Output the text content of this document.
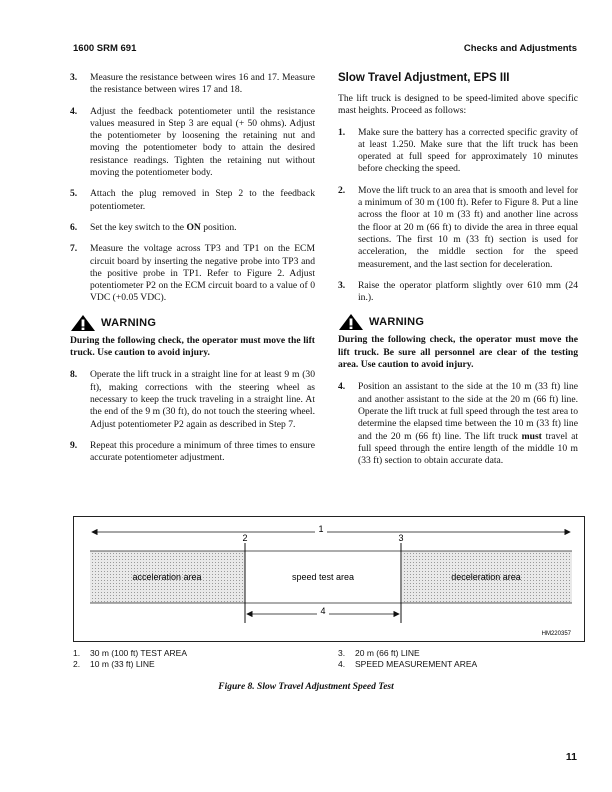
1600 SRM 691	Checks and Adjustments
3.	Measure the resistance between wires 16 and 17. Measure the resistance between wires 17 and 18.
4.	Adjust the feedback potentiometer until the resistance values measured in Step 3 are equal (+ 50 ohms). Adjust the potentiometer by loosening the retaining nut and moving the potentiometer body to attain the desired resistance readings. Tighten the retaining nut without moving the potentiometer body.
5.	Attach the plug removed in Step 2 to the feedback potentiometer.
6.	Set the key switch to the ON position.
7.	Measure the voltage across TP3 and TP1 on the ECM circuit board by inserting the negative probe into TP3 and the positive probe in TP1. Refer to Figure 2. Adjust potentiometer P2 on the ECM circuit board to a value of 0 VDC (+0.05 VDC).
WARNING
During the following check, the operator must move the lift truck. Use caution to avoid injury.
8.	Operate the lift truck in a straight line for at least 9 m (30 ft), making corrections with the steering wheel as necessary to keep the truck traveling in a straight line. At the end of the 9 m (30 ft), do not touch the steering wheel. Adjust potentiometer P2 again as described in Step 7.
9.	Repeat this procedure a minimum of three times to ensure accurate potentiometer adjustment.
Slow Travel Adjustment, EPS III
The lift truck is designed to be speed-limited above specific mast heights. Proceed as follows:
1.	Make sure the battery has a corrected specific gravity of at least 1.250. Make sure that the lift truck has been operated at full speed for approximately 10 minutes before checking the speed.
2.	Move the lift truck to an area that is smooth and level for a minimum of 30 m (100 ft). Refer to Figure 8. Put a line across the floor at 10 m (33 ft) and another line across the floor at 20 m (66 ft) to divide the area in three equal sections. The first 10 m (33 ft) section is used for acceleration, the middle section for the speed measurement, and the last section for deceleration.
3.	Raise the operator platform slightly over 610 mm (24 in.).
WARNING
During the following check, the operator must move the lift truck. Be sure all personnel are clear of the testing area. Use caution to avoid injury.
4.	Position an assistant to the side at the 10 m (33 ft) line and another assistant to the side at the 20 m (66 ft) line. Operate the lift truck at full speed through the test area to determine the elapsed time between the 10 m (33 ft) line and the 20 m (66 ft) line. The lift truck must travel at full speed through the entire length of the middle 10 m (33 ft) section to obtain accurate data.
1
2	3
4
acceleration area	speed test area	deceleration area
HM220357
1.	30 m (100 ft) TEST AREA
2.	10 m (33 ft) LINE
3.	20 m (66 ft) LINE
4.	SPEED MEASUREMENT AREA
Figure 8. Slow Travel Adjustment Speed Test
11
